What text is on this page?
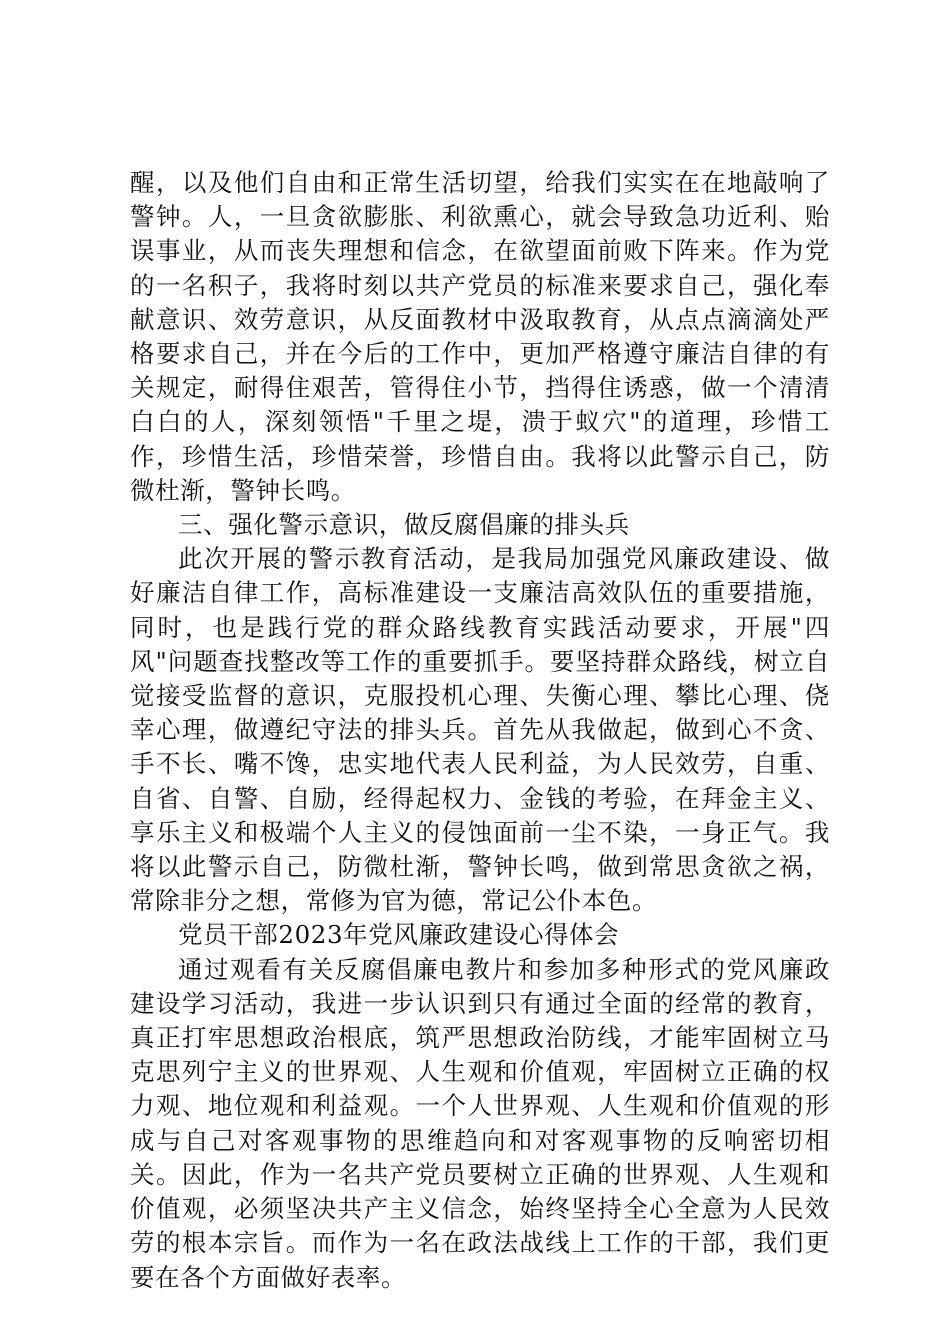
醒，以及他们自由和正常生活切望，给我们实实在在地敲响了警钟。人，一旦贪欲膨胀、利欲熏心，就会导致急功近利、贻误事业，从而丧失理想和信念，在欲望面前败下阵来。作为党的一名积子，我将时刻以共产党员的标准来要求自己，强化奉献意识、效劳意识，从反面教材中汲取教育，从点点滴滴处严格要求自己，并在今后的工作中，更加严格遵守廉洁自律的有关规定，耐得住艰苦，管得住小节，挡得住诱惑，做一个清清白白的人，深刻领悟"千里之堤，溃于蚁穴"的道理，珍惜工作，珍惜生活，珍惜荣誉，珍惜自由。我将以此警示自己，防微杜渐，警钟长鸣。

三、强化警示意识，做反腐倡廉的排头兵

此次开展的警示教育活动，是我局加强党风廉政建设、做好廉洁自律工作，高标准建设一支廉洁高效队伍的重要措施，同时，也是践行党的群众路线教育实践活动要求，开展"四风"问题查找整改等工作的重要抓手。要坚持群众路线，树立自觉接受监督的意识，克服投机心理、失衡心理、攀比心理、侥幸心理，做遵纪守法的排头兵。首先从我做起，做到心不贪、手不长、嘴不馋，忠实地代表人民利益，为人民效劳，自重、自省、自警、自励，经得起权力、金钱的考验，在拜金主义、享乐主义和极端个人主义的侵蚀面前一尘不染，一身正气。我将以此警示自己，防微杜渐，警钟长鸣，做到常思贪欲之祸，常除非分之想，常修为官为德，常记公仆本色。

党员干部2023年党风廉政建设心得体会

通过观看有关反腐倡廉电教片和参加多种形式的党风廉政建设学习活动，我进一步认识到只有通过全面的经常的教育，真正打牢思想政治根底，筑严思想政治防线，才能牢固树立马克思列宁主义的世界观、人生观和价值观，牢固树立正确的权力观、地位观和利益观。一个人世界观、人生观和价值观的形成与自己对客观事物的思维趋向和对客观事物的反响密切相关。因此，作为一名共产党员要树立正确的世界观、人生观和价值观，必须坚决共产主义信念，始终坚持全心全意为人民效劳的根本宗旨。而作为一名在政法战线上工作的干部，我们更要在各个方面做好表率。
